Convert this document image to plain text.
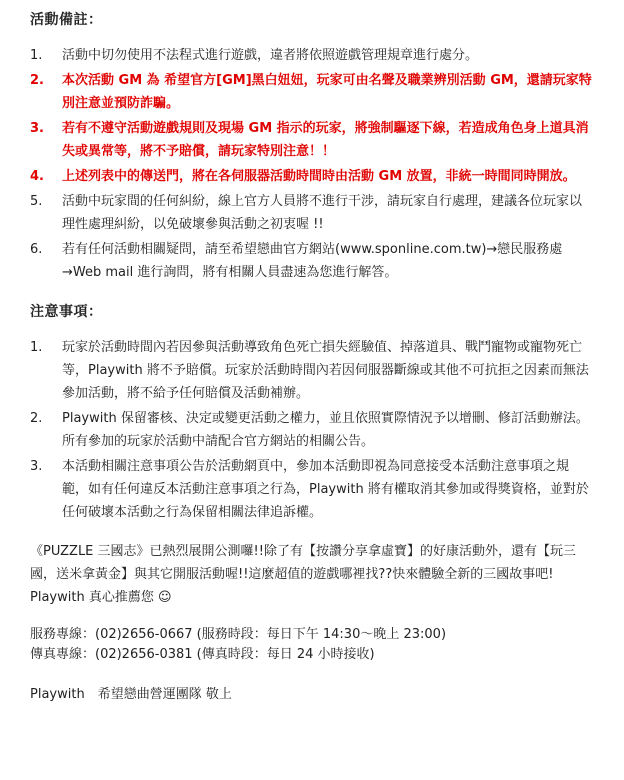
活動備註：
1.	活動中切勿使用不法程式進行遊戲，違者將依照遊戲管理規章進行處分。
2.	本次活動 GM 為 希望官方[GM]黑白妞妞，玩家可由名聲及職業辨別活動 GM，還請玩家特別注意並預防詐騙。
3.	若有不遵守活動遊戲規則及現場 GM 指示的玩家，將強制驅逐下線，若造成角色身上道具消失或異常等，將不予賠償，請玩家特別注意！！
4.	上述列表中的傳送門，將在各伺服器活動時間時由活動 GM 放置，非統一時間同時開放。
5.	活動中玩家間的任何糾紛，線上官方人員將不進行干涉，請玩家自行處理，建議各位玩家以理性處理糾紛，以免破壞參與活動之初衷喔 !!
6.	若有任何活動相關疑問，請至希望戀曲官方網站(www.sponline.com.tw)→戀民服務處→Web mail 進行詢問，將有相關人員盡速為您進行解答。
注意事項：
1.	玩家於活動時間內若因參與活動導致角色死亡損失經驗值、掉落道具、戰鬥寵物或寵物死亡等，Playwith 將不予賠償。玩家於活動時間內若因伺服器斷線或其他不可抗拒之因素而無法參加活動，將不給予任何賠償及活動補辦。
2.	Playwith 保留審核、決定或變更活動之權力，並且依照實際情況予以增刪、修訂活動辦法。所有參加的玩家於活動中請配合官方網站的相關公告。
3.	本活動相關注意事項公告於活動網頁中，參加本活動即視為同意接受本活動注意事項之規範，如有任何違反本活動注意事項之行為，Playwith 將有權取消其參加或得獎資格，並對於任何破壞本活動之行為保留相關法律追訴權。

《PUZZLE 三國志》已熱烈展開公測囉!!除了有【按讚分享拿虛寶】的好康活動外，還有【玩三國，送米拿黃金】與其它開服活動喔!!這麼超值的遊戲哪裡找??快來體驗全新的三國故事吧! Playwith 真心推薦您 ☺

服務專線：(02)2656-0667 (服務時段：每日下午 14:30～晚上 23:00)
傳真專線：(02)2656-0381 (傳真時段：每日 24 小時接收)
Playwith　希望戀曲營運團隊 敬上
